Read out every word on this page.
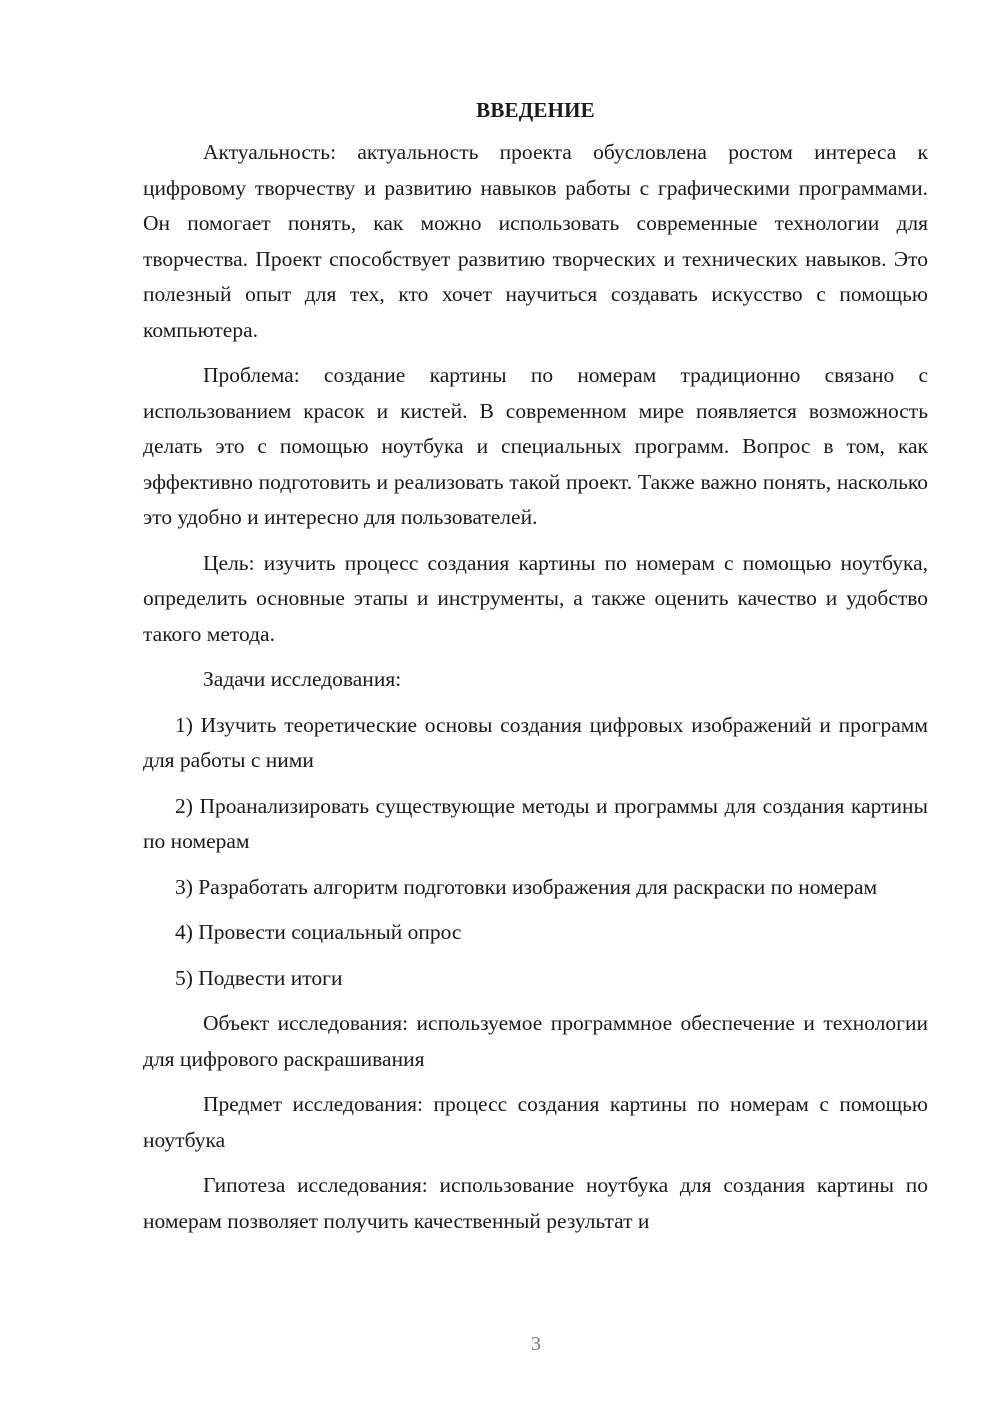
ВВЕДЕНИЕ

Актуальность: актуальность проекта обусловлена ростом интереса к цифровому творчеству и развитию навыков работы с графическими программами. Он помогает понять, как можно использовать современные технологии для творчества. Проект способствует развитию творческих и технических навыков. Это полезный опыт для тех, кто хочет научиться создавать искусство с помощью компьютера.

Проблема: создание картины по номерам традиционно связано с использованием красок и кистей. В современном мире появляется возможность делать это с помощью ноутбука и специальных программ. Вопрос в том, как эффективно подготовить и реализовать такой проект. Также важно понять, насколько это удобно и интересно для пользователей.

Цель: изучить процесс создания картины по номерам с помощью ноутбука, определить основные этапы и инструменты, а также оценить качество и удобство такого метода.

Задачи исследования:

1) Изучить теоретические основы создания цифровых изображений и программ для работы с ними

2) Проанализировать существующие методы и программы для создания картины по номерам

3) Разработать алгоритм подготовки изображения для раскраски по номерам

4) Провести социальный опрос

5) Подвести итоги

Объект исследования: используемое программное обеспечение и технологии для цифрового раскрашивания

Предмет исследования: процесс создания картины по номерам с помощью ноутбука

Гипотеза исследования: использование ноутбука для создания картины по номерам позволяет получить качественный результат и

3
